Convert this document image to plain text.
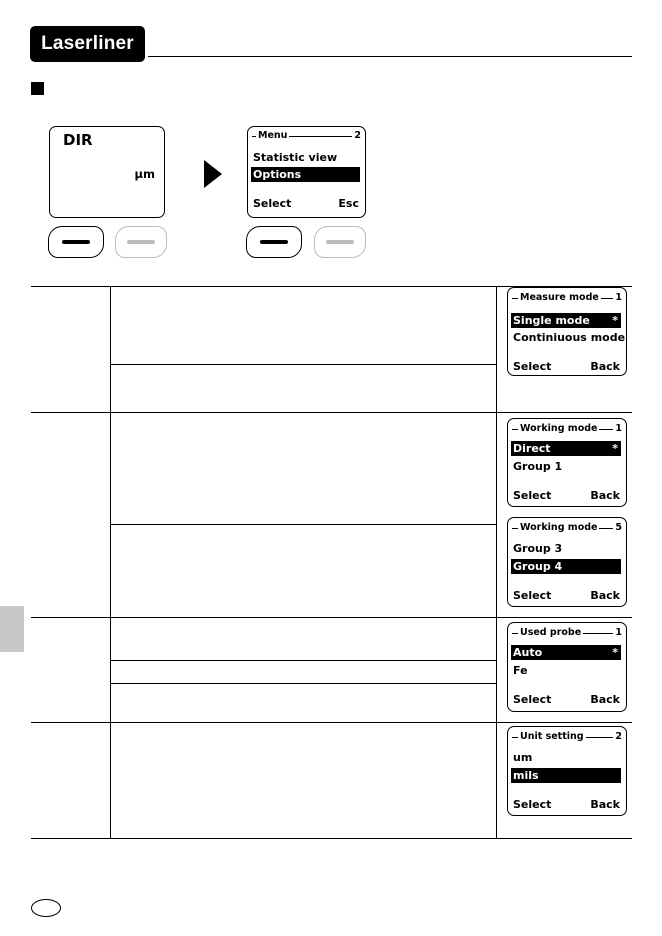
Laserliner
DIR
µm
Menu	2
Statistic view
Options
Select	Esc
Measure mode 1
Single mode *
Continiuous mode
Select	Back
Working mode 1
Direct	*
Group 1
Select	Back
Working mode 5
Group 3
Group 4
Select	Back
Used probe	1
Auto	*
Fe
Select	Back
Unit setting	2
um
mils
Select	Back
